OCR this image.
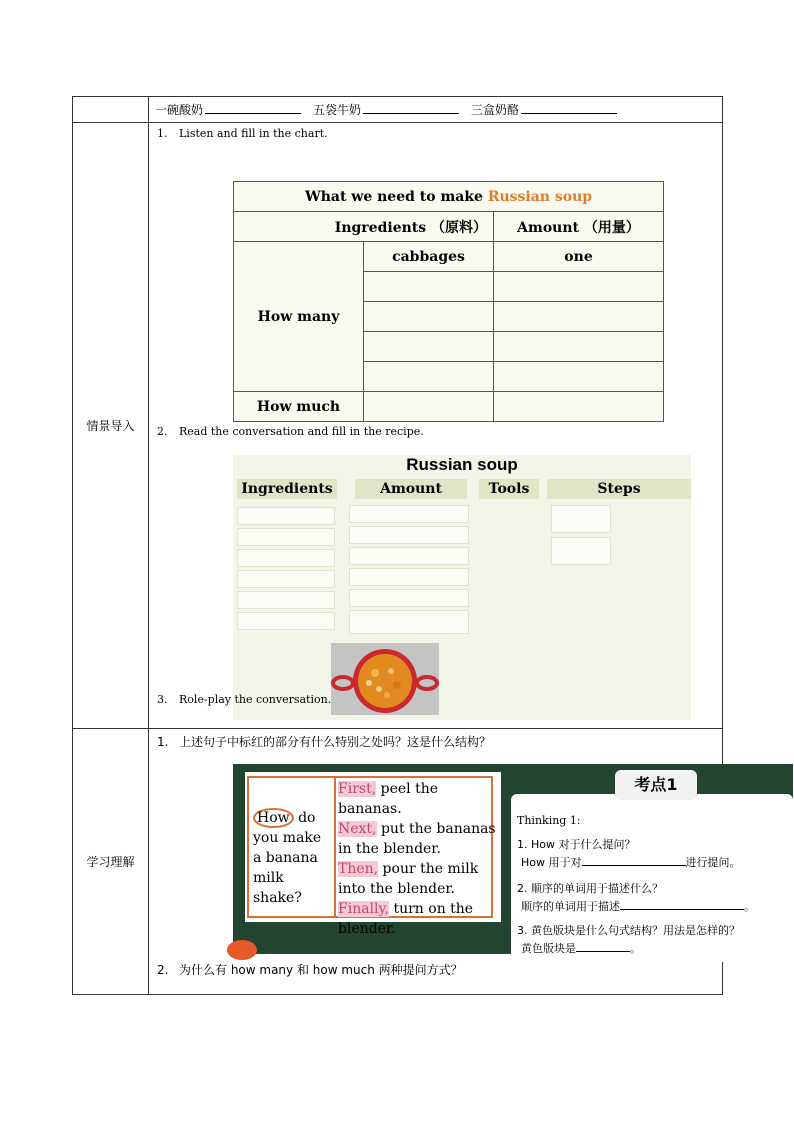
一碗酸奶	五袋牛奶	三盒奶酪

情景导入	
1. Listen and fill in the chart.
What we need to make Russian soup
Ingredients （原料）	Amount （用量）
How many	cabbages	one

How much		
2. Read the conversation and fill in the recipe.
Russian soup
Ingredients	Amount	Tools	Steps
3. Role-play the conversation.

学习理解	
1. 上述句子中标红的部分有什么特别之处吗？这是什么结构？
How do
you make
a banana
milk shake?
First, peel the bananas.
Next, put the bananas
in the blender.
Then, pour the milk
into the blender.
Finally, turn on the
blender.
Thinking 1:
1. How 对于什么提问？
How 用于对	进行提问。
2. 顺序的单词用于描述什么？
顺序的单词用于描述	。
3. 黄色版块是什么句式结构？用法是怎样的？
黄色版块是	。
考点1
2. 为什么有 how many 和 how much 两种提问方式？
